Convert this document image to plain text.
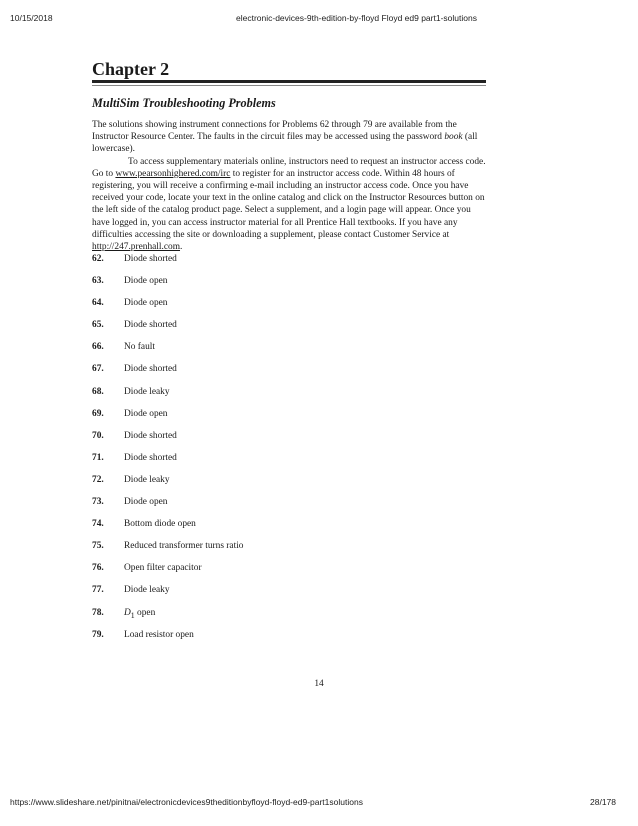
10/15/2018	electronic-devices-9th-edition-by-floyd Floyd ed9 part1-solutions
Chapter 2
MultiSim Troubleshooting Problems

The solutions showing instrument connections for Problems 62 through 79 are available from the Instructor Resource Center. The faults in the circuit files may be accessed using the password book (all lowercase).

To access supplementary materials online, instructors need to request an instructor access code. Go to www.pearsonhighered.com/irc to register for an instructor access code. Within 48 hours of registering, you will receive a confirming e-mail including an instructor access code. Once you have received your code, locate your text in the online catalog and click on the Instructor Resources button on the left side of the catalog product page. Select a supplement, and a login page will appear. Once you have logged in, you can access instructor material for all Prentice Hall textbooks. If you have any difficulties accessing the site or downloading a supplement, please contact Customer Service at http://247.prenhall.com.

62. Diode shorted
63. Diode open
64. Diode open
65. Diode shorted
66. No fault
67. Diode shorted
68. Diode leaky
69. Diode open
70. Diode shorted
71. Diode shorted
72. Diode leaky
73. Diode open
74. Bottom diode open
75. Reduced transformer turns ratio
76. Open filter capacitor
77. Diode leaky
78. $D_1$ open
79. Load resistor open
14
https://www.slideshare.net/pinitnai/electronicdevices9theditionbyfloyd-floyd-ed9-part1solutions	28/178
